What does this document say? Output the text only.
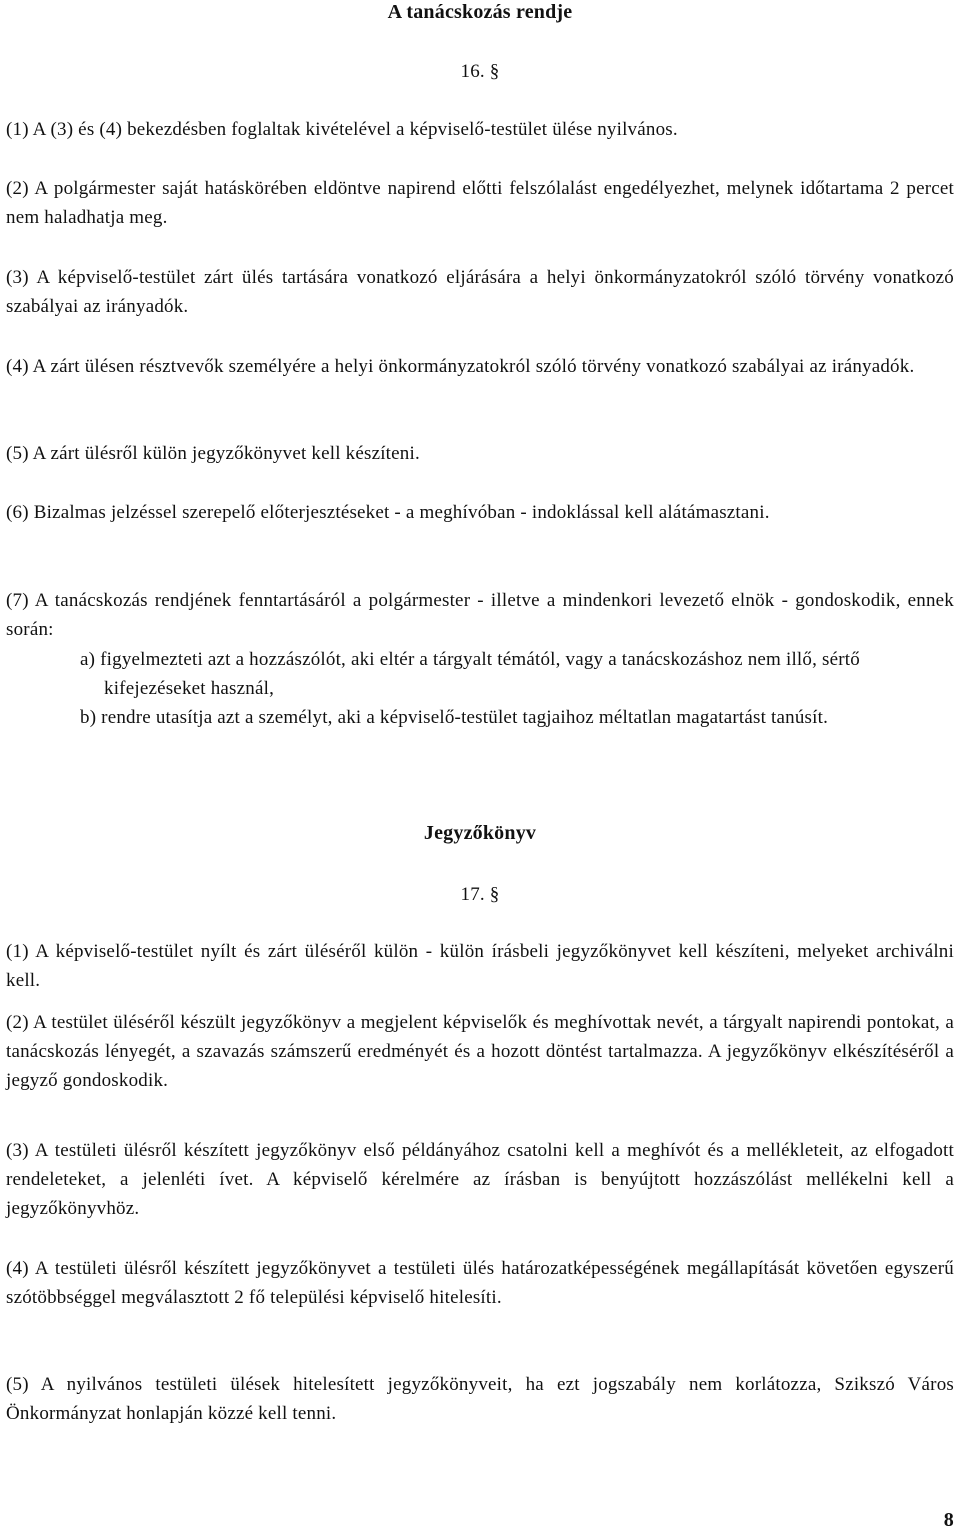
A tanácskozás rendje
16. §

(1) A (3) és (4) bekezdésben foglaltak kivételével a képviselő-testület ülése nyilvános.

(2) A polgármester saját hatáskörében eldöntve napirend előtti felszólalást engedélyezhet, melynek időtartama 2 percet nem haladhatja meg.

(3) A képviselő-testület zárt ülés tartására vonatkozó eljárására a helyi önkormányzatokról szóló törvény vonatkozó szabályai az irányadók.

(4) A zárt ülésen résztvevők személyére a helyi önkormányzatokról szóló törvény vonatkozó szabályai az irányadók.

(5) A zárt ülésről külön jegyzőkönyvet kell készíteni.

(6) Bizalmas jelzéssel szerepelő előterjesztéseket - a meghívóban - indoklással kell alátámasztani.

(7) A tanácskozás rendjének fenntartásáról a polgármester - illetve a mindenkori levezető elnök - gondoskodik, ennek során:

a) figyelmezteti azt a hozzászólót, aki eltér a tárgyalt témától, vagy a tanácskozáshoz nem illő, sértő kifejezéseket használ,
b) rendre utasítja azt a személyt, aki a képviselő-testület tagjaihoz méltatlan magatartást tanúsít.
Jegyzőkönyv
17. §

(1) A képviselő-testület nyílt és zárt üléséről külön - külön írásbeli jegyzőkönyvet kell készíteni, melyeket archiválni kell.

(2) A testület üléséről készült jegyzőkönyv a megjelent képviselők és meghívottak nevét, a tárgyalt napirendi pontokat, a tanácskozás lényegét, a szavazás számszerű eredményét és a hozott döntést tartalmazza. A jegyzőkönyv elkészítéséről a jegyző gondoskodik.

(3) A testületi ülésről készített jegyzőkönyv első példányához csatolni kell a meghívót és a mellékleteit, az elfogadott rendeleteket, a jelenléti ívet. A képviselő kérelmére az írásban is benyújtott hozzászólást mellékelni kell a jegyzőkönyvhöz.

(4) A testületi ülésről készített jegyzőkönyvet a testületi ülés határozatképességének megállapítását követően egyszerű szótöbbséggel megválasztott 2 fő települési képviselő hitelesíti.

(5) A nyilvános testületi ülések hitelesített jegyzőkönyveit, ha ezt jogszabály nem korlátozza, Szikszó Város Önkormányzat honlapján közzé kell tenni.

8
